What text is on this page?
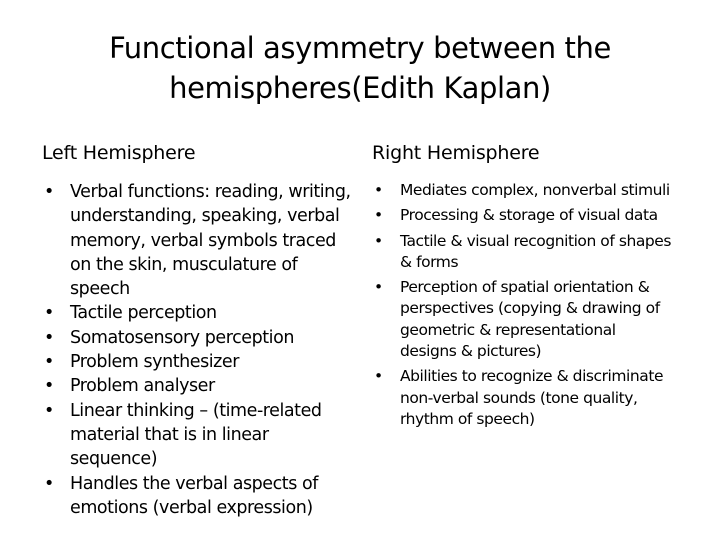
Functional asymmetry between the hemispheres(Edith Kaplan)
Left Hemisphere
• Verbal functions: reading, writing, understanding, speaking, verbal memory, verbal symbols traced on the skin, musculature of speech
• Tactile perception
• Somatosensory perception
• Problem synthesizer
• Problem analyser
• Linear thinking – (time-related material that is in linear sequence)
• Handles the verbal aspects of emotions (verbal expression)
Right Hemisphere
• Mediates complex, nonverbal stimuli
• Processing & storage of visual data
• Tactile & visual recognition of shapes & forms
• Perception of spatial orientation & perspectives (copying & drawing of geometric & representational designs & pictures)
• Abilities to recognize & discriminate non-verbal sounds (tone quality, rhythm of speech)
